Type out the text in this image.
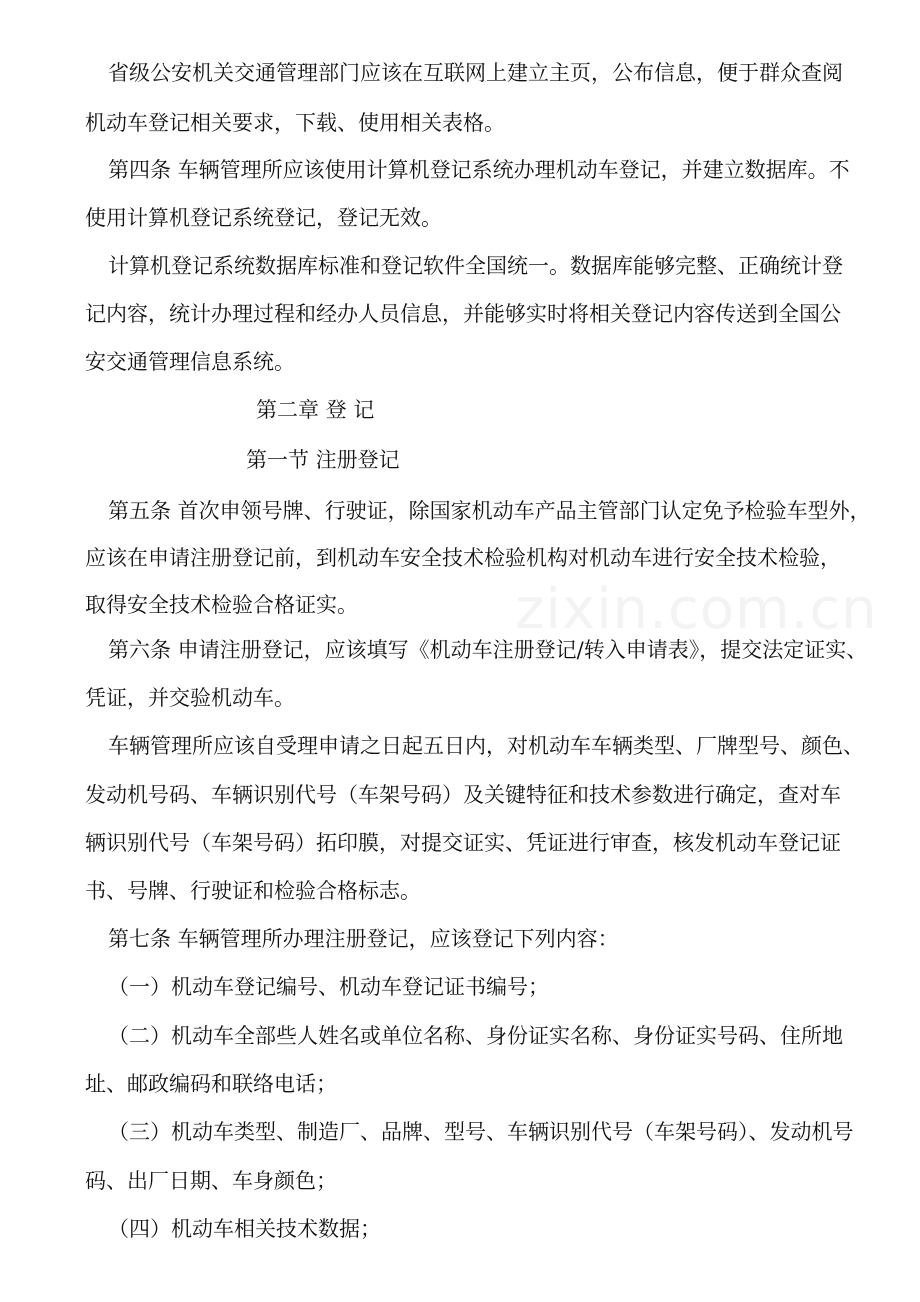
zixin.com.cn
省级公安机关交通管理部门应该在互联网上建立主页，公布信息，便于群众查阅
机动车登记相关要求，下载、使用相关表格。
第四条 车辆管理所应该使用计算机登记系统办理机动车登记，并建立数据库。不
使用计算机登记系统登记，登记无效。
计算机登记系统数据库标准和登记软件全国统一。数据库能够完整、正确统计登
记内容，统计办理过程和经办人员信息，并能够实时将相关登记内容传送到全国公
安交通管理信息系统。
第二章 登 记
第一节 注册登记
第五条 首次申领号牌、行驶证，除国家机动车产品主管部门认定免予检验车型外，
应该在申请注册登记前，到机动车安全技术检验机构对机动车进行安全技术检验，
取得安全技术检验合格证实。
第六条 申请注册登记，应该填写《机动车注册登记/转入申请表》，提交法定证实、
凭证，并交验机动车。
车辆管理所应该自受理申请之日起五日内，对机动车车辆类型、厂牌型号、颜色、
发动机号码、车辆识别代号（车架号码）及关键特征和技术参数进行确定，查对车
辆识别代号（车架号码）拓印膜，对提交证实、凭证进行审查，核发机动车登记证
书、号牌、行驶证和检验合格标志。
第七条 车辆管理所办理注册登记，应该登记下列内容：
（一）机动车登记编号、机动车登记证书编号；
（二）机动车全部些人姓名或单位名称、身份证实名称、身份证实号码、住所地
址、邮政编码和联络电话；
（三）机动车类型、制造厂、品牌、型号、车辆识别代号（车架号码）、发动机号
码、出厂日期、车身颜色；
（四）机动车相关技术数据；
